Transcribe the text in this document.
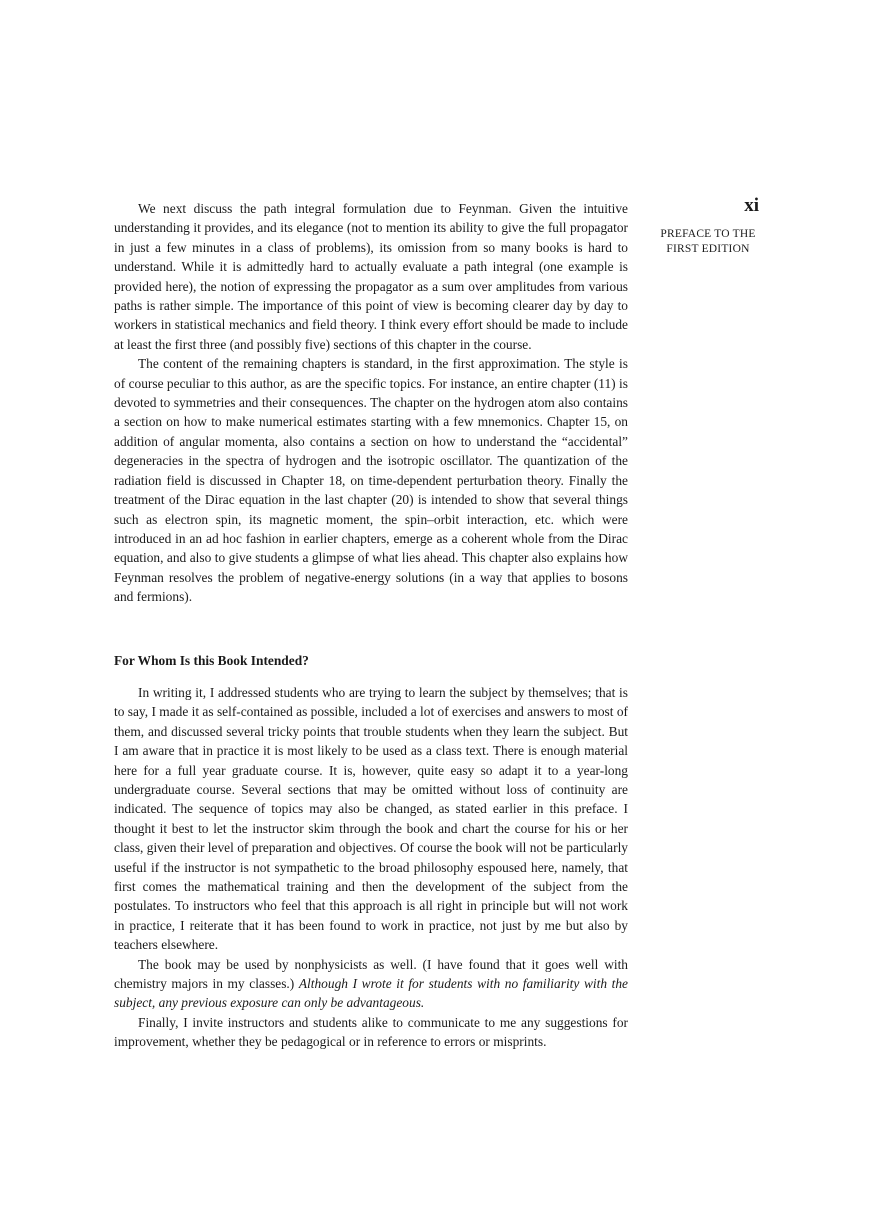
xi
PREFACE TO THE
FIRST EDITION

We next discuss the path integral formulation due to Feynman. Given the intuitive understanding it provides, and its elegance (not to mention its ability to give the full propagator in just a few minutes in a class of problems), its omission from so many books is hard to understand. While it is admittedly hard to actually evaluate a path integral (one example is provided here), the notion of expressing the propagator as a sum over amplitudes from various paths is rather simple. The importance of this point of view is becoming clearer day by day to workers in statistical mechanics and field theory. I think every effort should be made to include at least the first three (and possibly five) sections of this chapter in the course.

The content of the remaining chapters is standard, in the first approximation. The style is of course peculiar to this author, as are the specific topics. For instance, an entire chapter (11) is devoted to symmetries and their consequences. The chapter on the hydrogen atom also contains a section on how to make numerical estimates starting with a few mnemonics. Chapter 15, on addition of angular momenta, also contains a section on how to understand the “accidental” degeneracies in the spectra of hydrogen and the isotropic oscillator. The quantization of the radiation field is discussed in Chapter 18, on time-dependent perturbation theory. Finally the treatment of the Dirac equation in the last chapter (20) is intended to show that several things such as electron spin, its magnetic moment, the spin–orbit interaction, etc. which were introduced in an ad hoc fashion in earlier chapters, emerge as a coherent whole from the Dirac equation, and also to give students a glimpse of what lies ahead. This chapter also explains how Feynman resolves the problem of negative-energy solutions (in a way that applies to bosons and fermions).

For Whom Is this Book Intended?

In writing it, I addressed students who are trying to learn the subject by themselves; that is to say, I made it as self-contained as possible, included a lot of exercises and answers to most of them, and discussed several tricky points that trouble students when they learn the subject. But I am aware that in practice it is most likely to be used as a class text. There is enough material here for a full year graduate course. It is, however, quite easy so adapt it to a year-long undergraduate course. Several sections that may be omitted without loss of continuity are indicated. The sequence of topics may also be changed, as stated earlier in this preface. I thought it best to let the instructor skim through the book and chart the course for his or her class, given their level of preparation and objectives. Of course the book will not be particularly useful if the instructor is not sympathetic to the broad philosophy espoused here, namely, that first comes the mathematical training and then the development of the subject from the postulates. To instructors who feel that this approach is all right in principle but will not work in practice, I reiterate that it has been found to work in practice, not just by me but also by teachers elsewhere.

The book may be used by nonphysicists as well. (I have found that it goes well with chemistry majors in my classes.) Although I wrote it for students with no familiarity with the subject, any previous exposure can only be advantageous.

Finally, I invite instructors and students alike to communicate to me any suggestions for improvement, whether they be pedagogical or in reference to errors or misprints.
